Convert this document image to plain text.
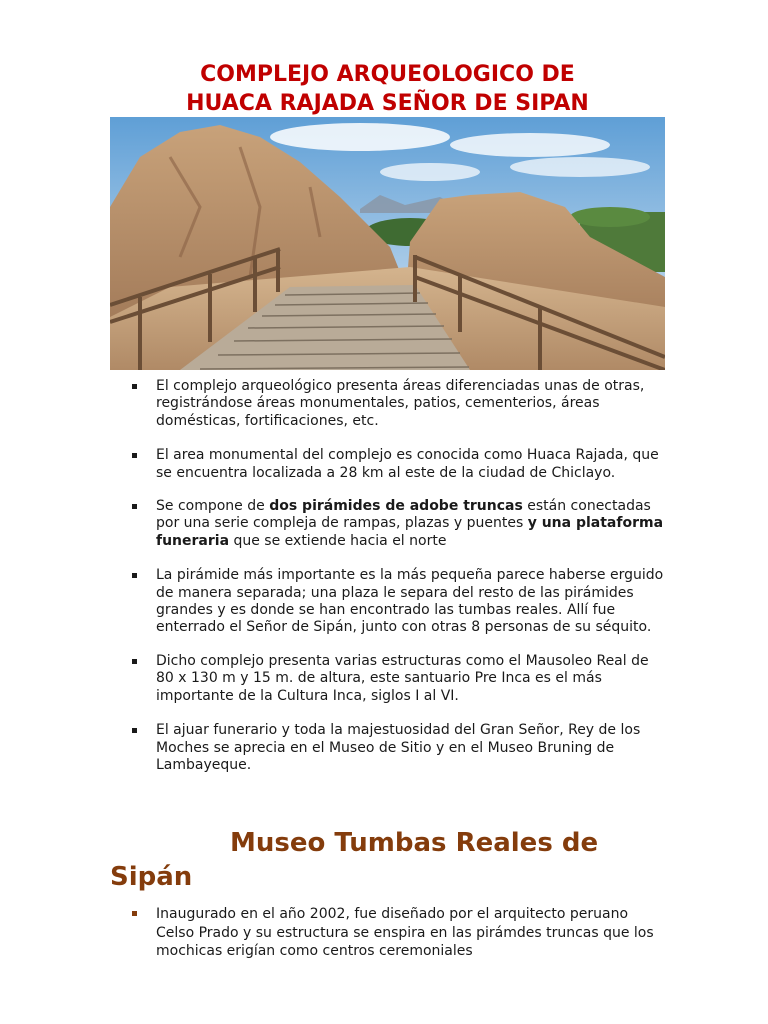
COMPLEJO ARQUEOLOGICO DE
HUACA RAJADA SEÑOR DE SIPAN
El complejo arqueológico presenta áreas diferenciadas unas de otras, registrándose áreas monumentales, patios, cementerios, áreas domésticas, fortificaciones, etc.
El area monumental del complejo es conocida como Huaca Rajada, que se encuentra localizada a 28 km al este de la ciudad de Chiclayo.
Se compone de dos pirámides de adobe truncas están conectadas por una serie compleja de rampas, plazas y puentes y una plataforma funeraria que se extiende hacia el norte
La pirámide más importante es la más pequeña parece haberse erguido de manera separada; una plaza le separa del resto de las pirámides grandes y es donde se han encontrado las tumbas reales. Allí fue enterrado el Señor de Sipán, junto con otras 8 personas de su séquito.
Dicho complejo presenta varias estructuras como el Mausoleo Real de 80 x 130 m y 15 m. de altura, este santuario Pre Inca es el más importante de la Cultura Inca, siglos I al VI.
El ajuar funerario y toda la majestuosidad del Gran Señor, Rey de los Moches se aprecia en el Museo de Sitio y en el Museo Bruning de Lambayeque.
Museo Tumbas Reales de Sipán
Inaugurado en el año 2002, fue diseñado por el arquitecto peruano Celso Prado y su estructura se enspira en las pirámdes truncas que los mochicas erigían como centros ceremoniales
